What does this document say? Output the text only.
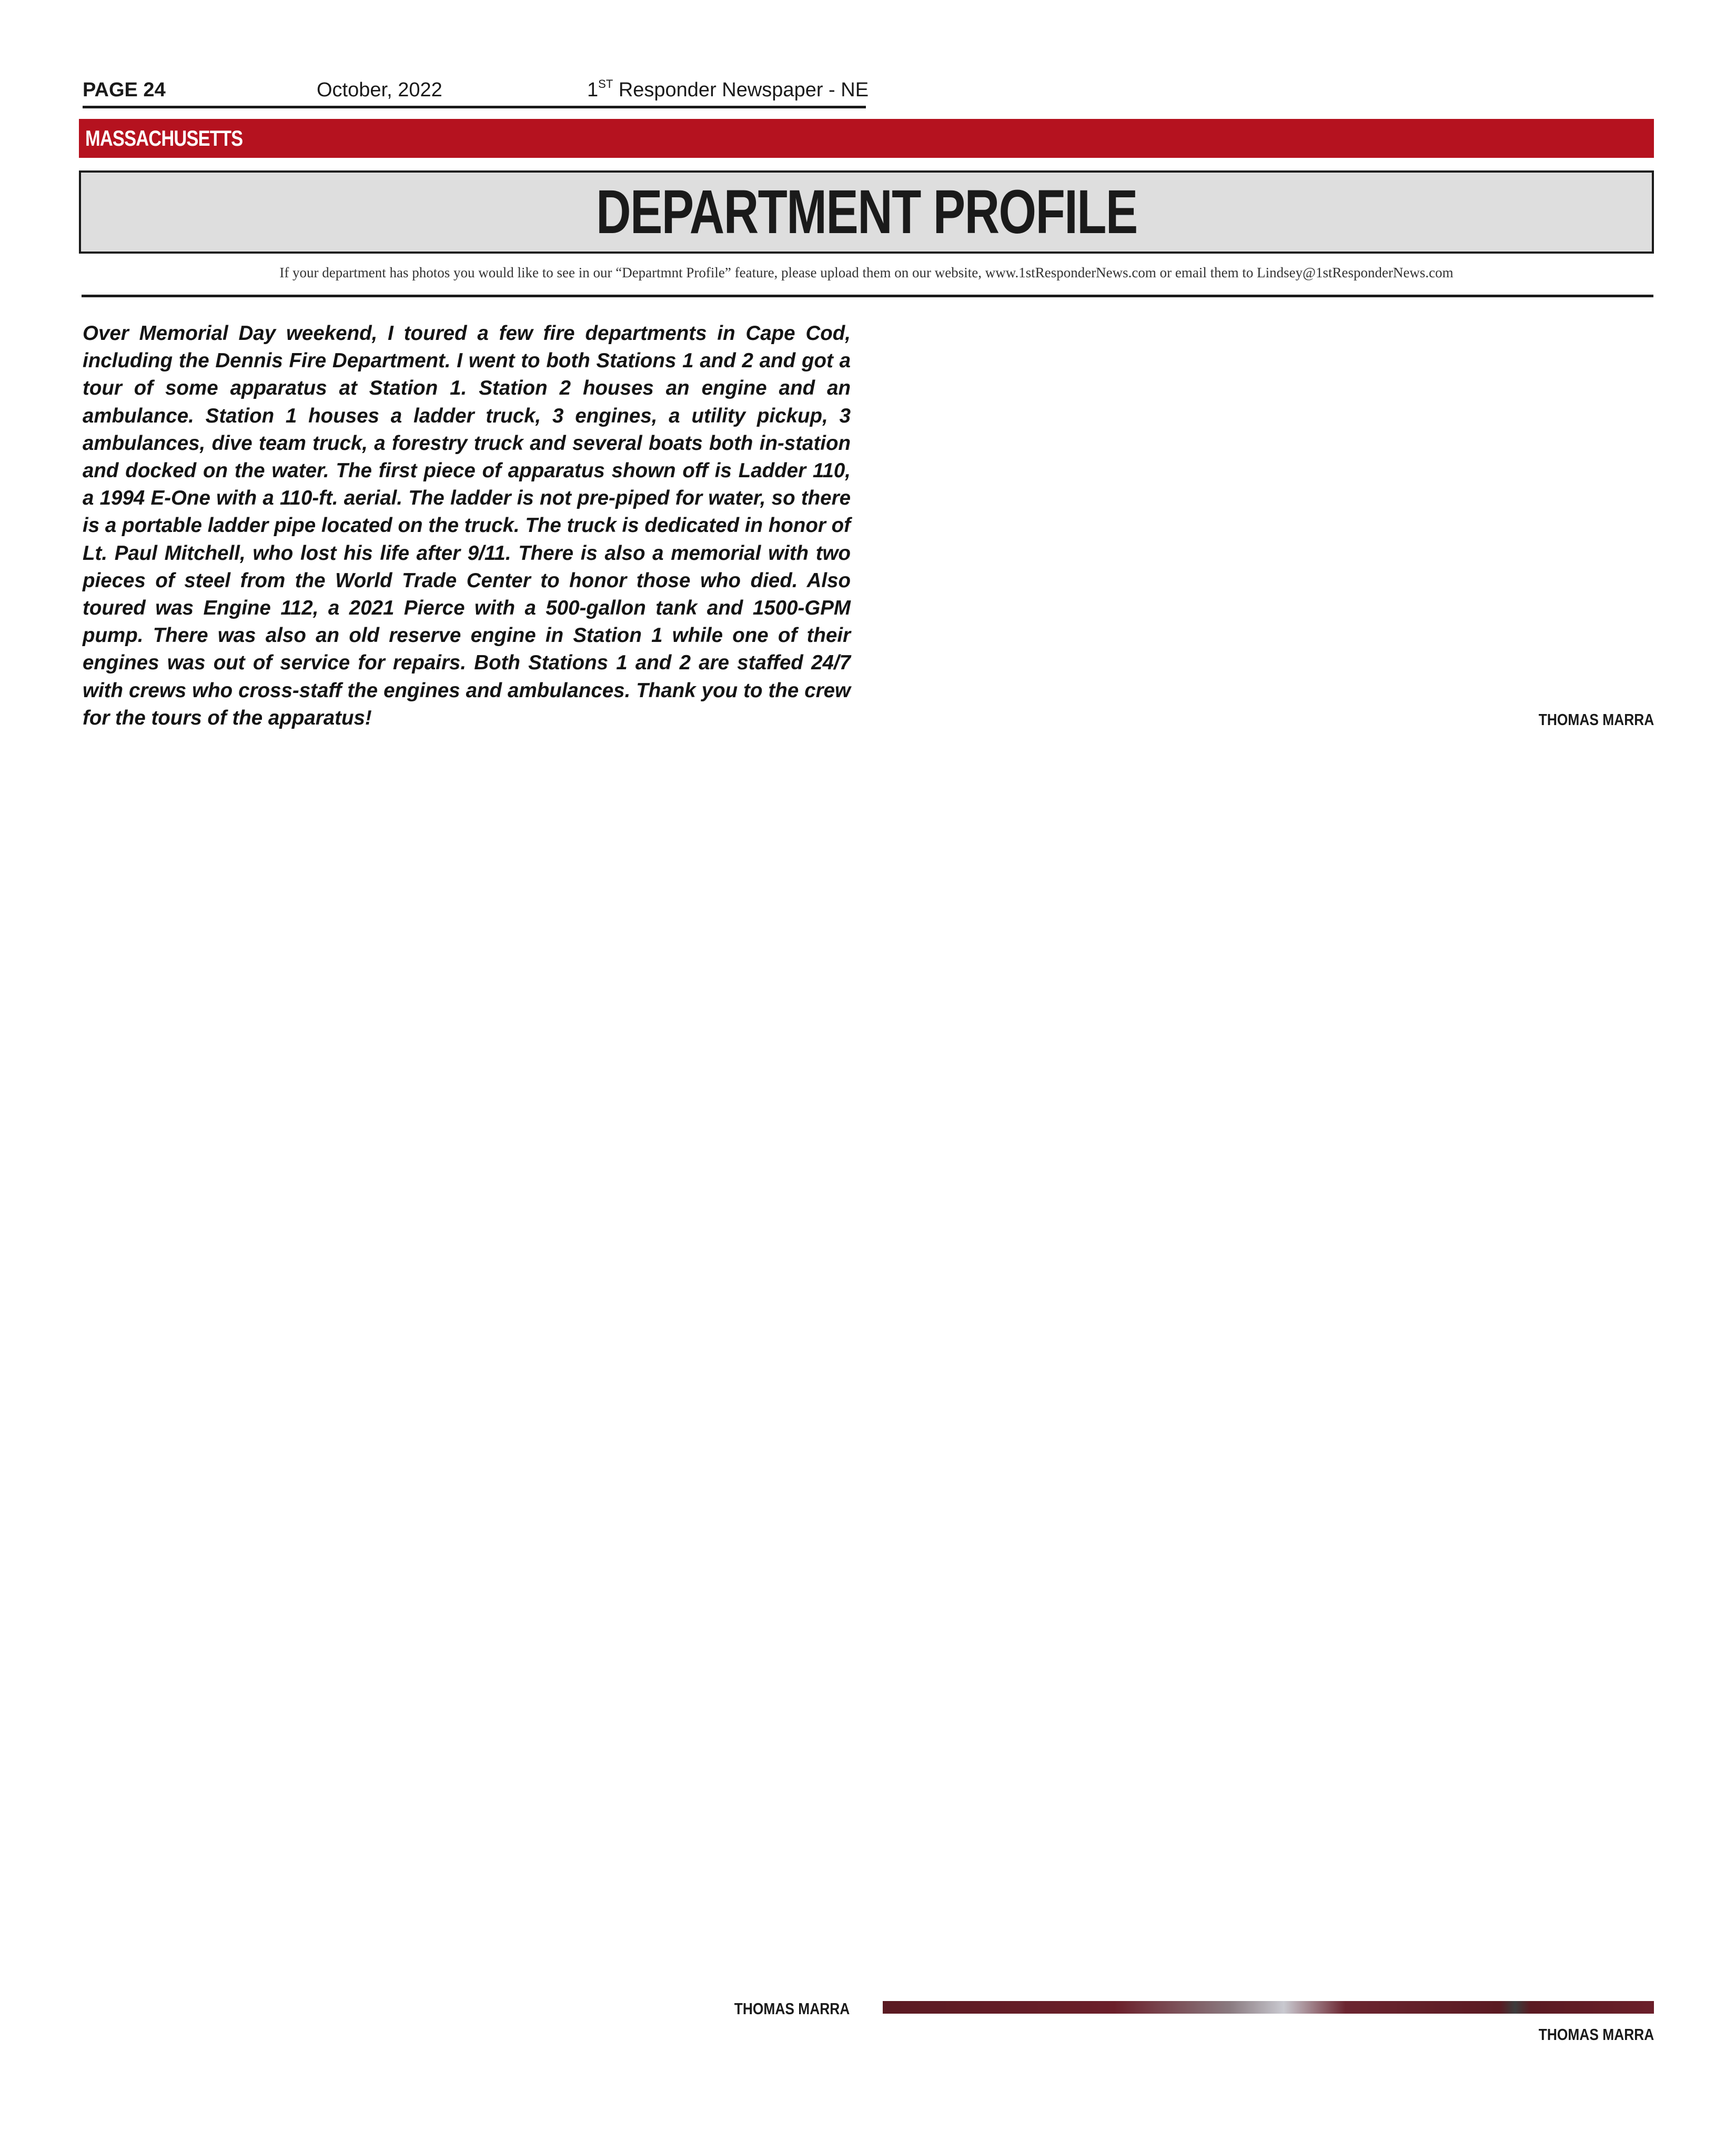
PAGE 24	October, 2022	1ST Responder Newspaper - NE
MASSACHUSETTS
DEPARTMENT PROFILE
If your department has photos you would like to see in our “Departmnt Profile” feature, please upload them on our website, www.1stResponderNews.com or email them to Lindsey@1stResponderNews.com

Over Memorial Day weekend, I toured a few fire departments in Cape Cod, including the Dennis Fire Department. I went to both Stations 1 and 2 and got a tour of some apparatus at Station 1. Station 2 houses an engine and an ambulance. Station 1 houses a ladder truck, 3 engines, a utility pickup, 3 ambulances, dive team truck, a forestry truck and several boats both in-station and docked on the water. The first piece of apparatus shown off is Ladder 110, a 1994 E-One with a 110-ft. aerial. The ladder is not pre-piped for water, so there is a portable ladder pipe located on the truck. The truck is dedicated in honor of Lt. Paul Mitchell, who lost his life after 9/11. There is also a memorial with two pieces of steel from the World Trade Center to honor those who died. Also toured was Engine 112, a 2021 Pierce with a 500-gallon tank and 1500-GPM pump. There was also an old reserve engine in Station 1 while one of their engines was out of service for repairs. Both Stations 1 and 2 are staffed 24/7 with crews who cross-staff the engines and ambulances. Thank you to the crew for the tours of the apparatus!	THOMAS MARRA
THOMAS MARRA
THOMAS MARRA
